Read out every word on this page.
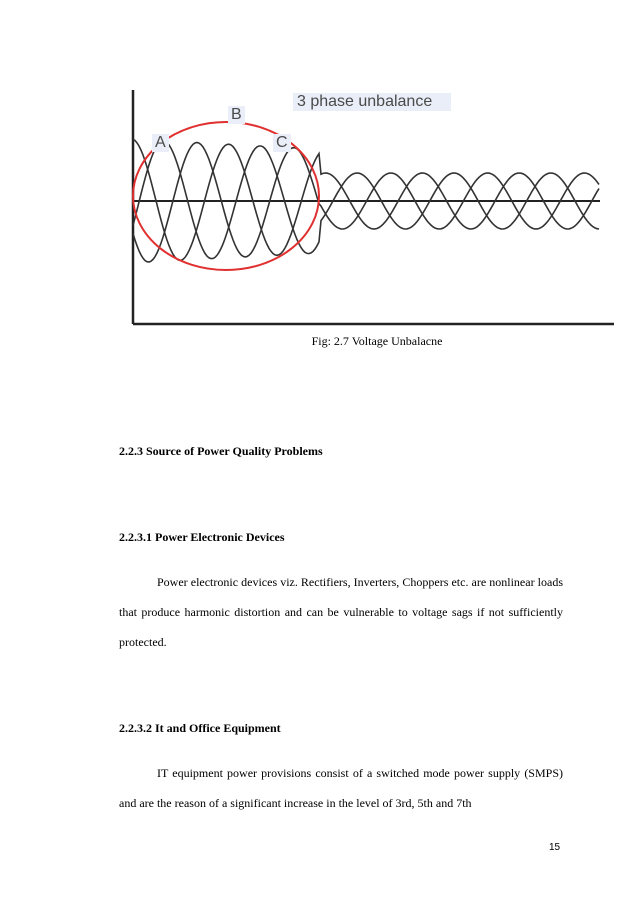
3 phase unbalance
A
B
C
Fig: 2.7 Voltage Unbalacne
2.2.3 Source of Power Quality Problems
2.2.3.1 Power Electronic Devices
Power electronic devices viz. Rectifiers, Inverters, Choppers etc. are nonlinear loads that produce harmonic distortion and can be vulnerable to voltage sags if not sufficiently protected.
2.2.3.2 It and Office Equipment
IT equipment power provisions consist of a switched mode power supply (SMPS) and are the reason of a significant increase in the level of 3rd, 5th and 7th
15
